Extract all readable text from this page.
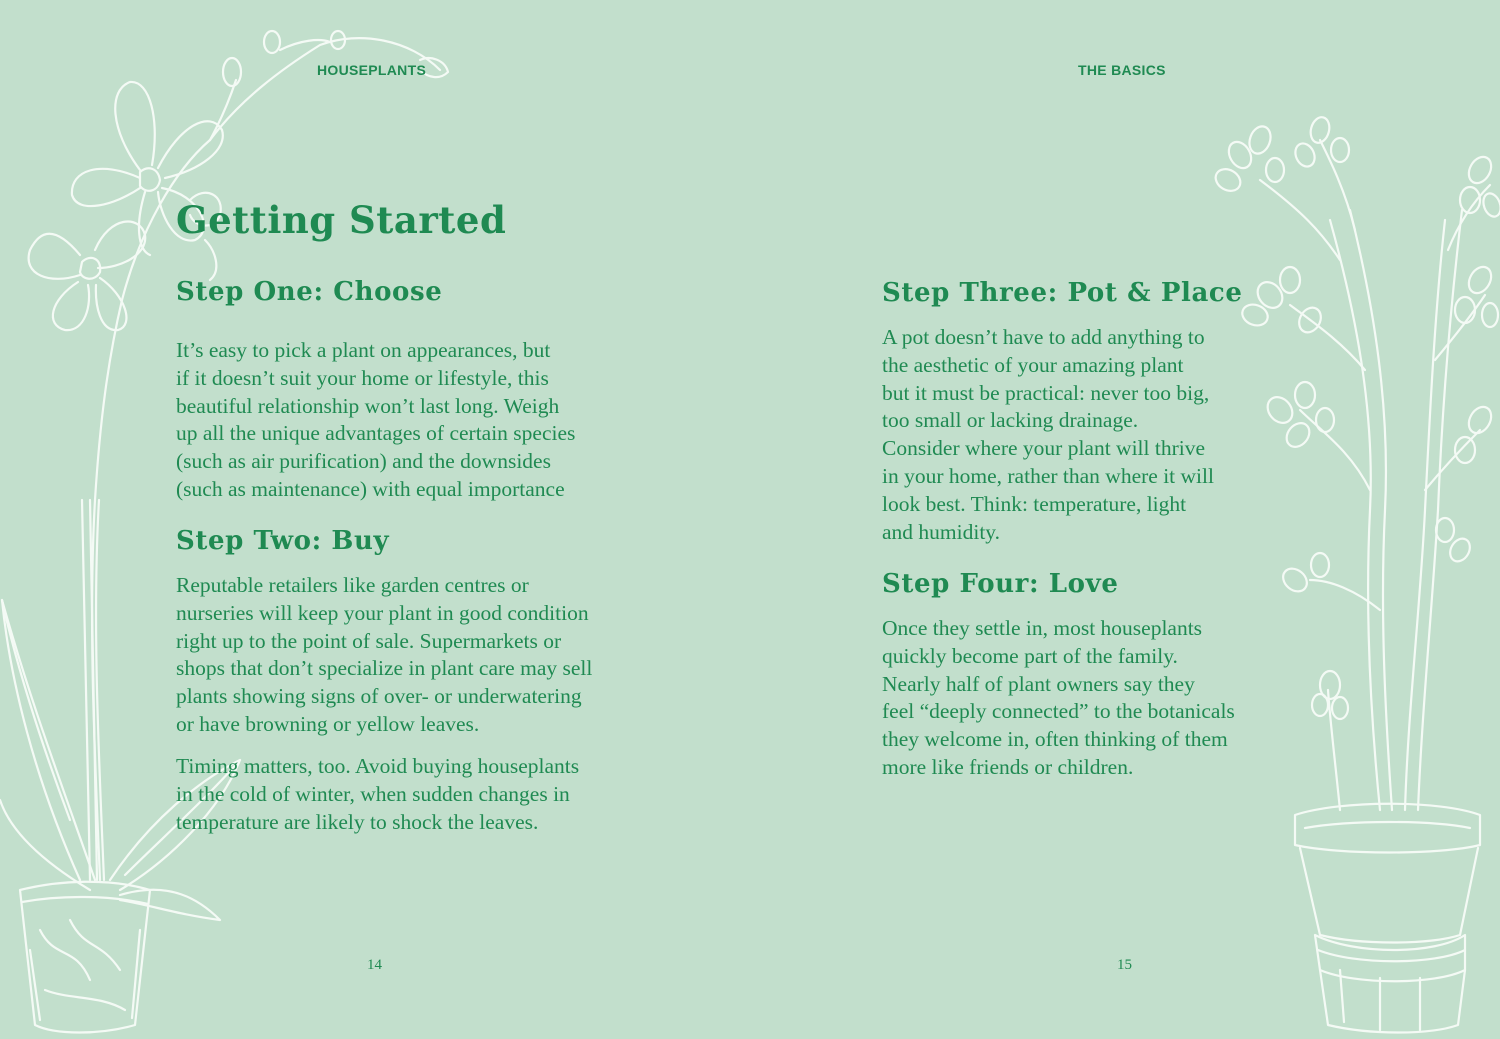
HOUSEPLANTS
Getting Started
Step One: Choose

It’s easy to pick a plant on appearances, but
if it doesn’t suit your home or lifestyle, this
beautiful relationship won’t last long. Weigh
up all the unique advantages of certain species
(such as air purification) and the downsides
(such as maintenance) with equal importance

Step Two: Buy

Reputable retailers like garden centres or
nurseries will keep your plant in good condition
right up to the point of sale. Supermarkets or
shops that don’t specialize in plant care may sell
plants showing signs of over- or underwatering
or have browning or yellow leaves.

Timing matters, too. Avoid buying houseplants
in the cold of winter, when sudden changes in
temperature are likely to shock the leaves.

14
THE BASICS
Step Three: Pot & Place

A pot doesn’t have to add anything to
the aesthetic of your amazing plant
but it must be practical: never too big,
too small or lacking drainage.
Consider where your plant will thrive
in your home, rather than where it will
look best. Think: temperature, light
and humidity.

Step Four: Love

Once they settle in, most houseplants
quickly become part of the family.
Nearly half of plant owners say they
feel “deeply connected” to the botanicals
they welcome in, often thinking of them
more like friends or children.

15
